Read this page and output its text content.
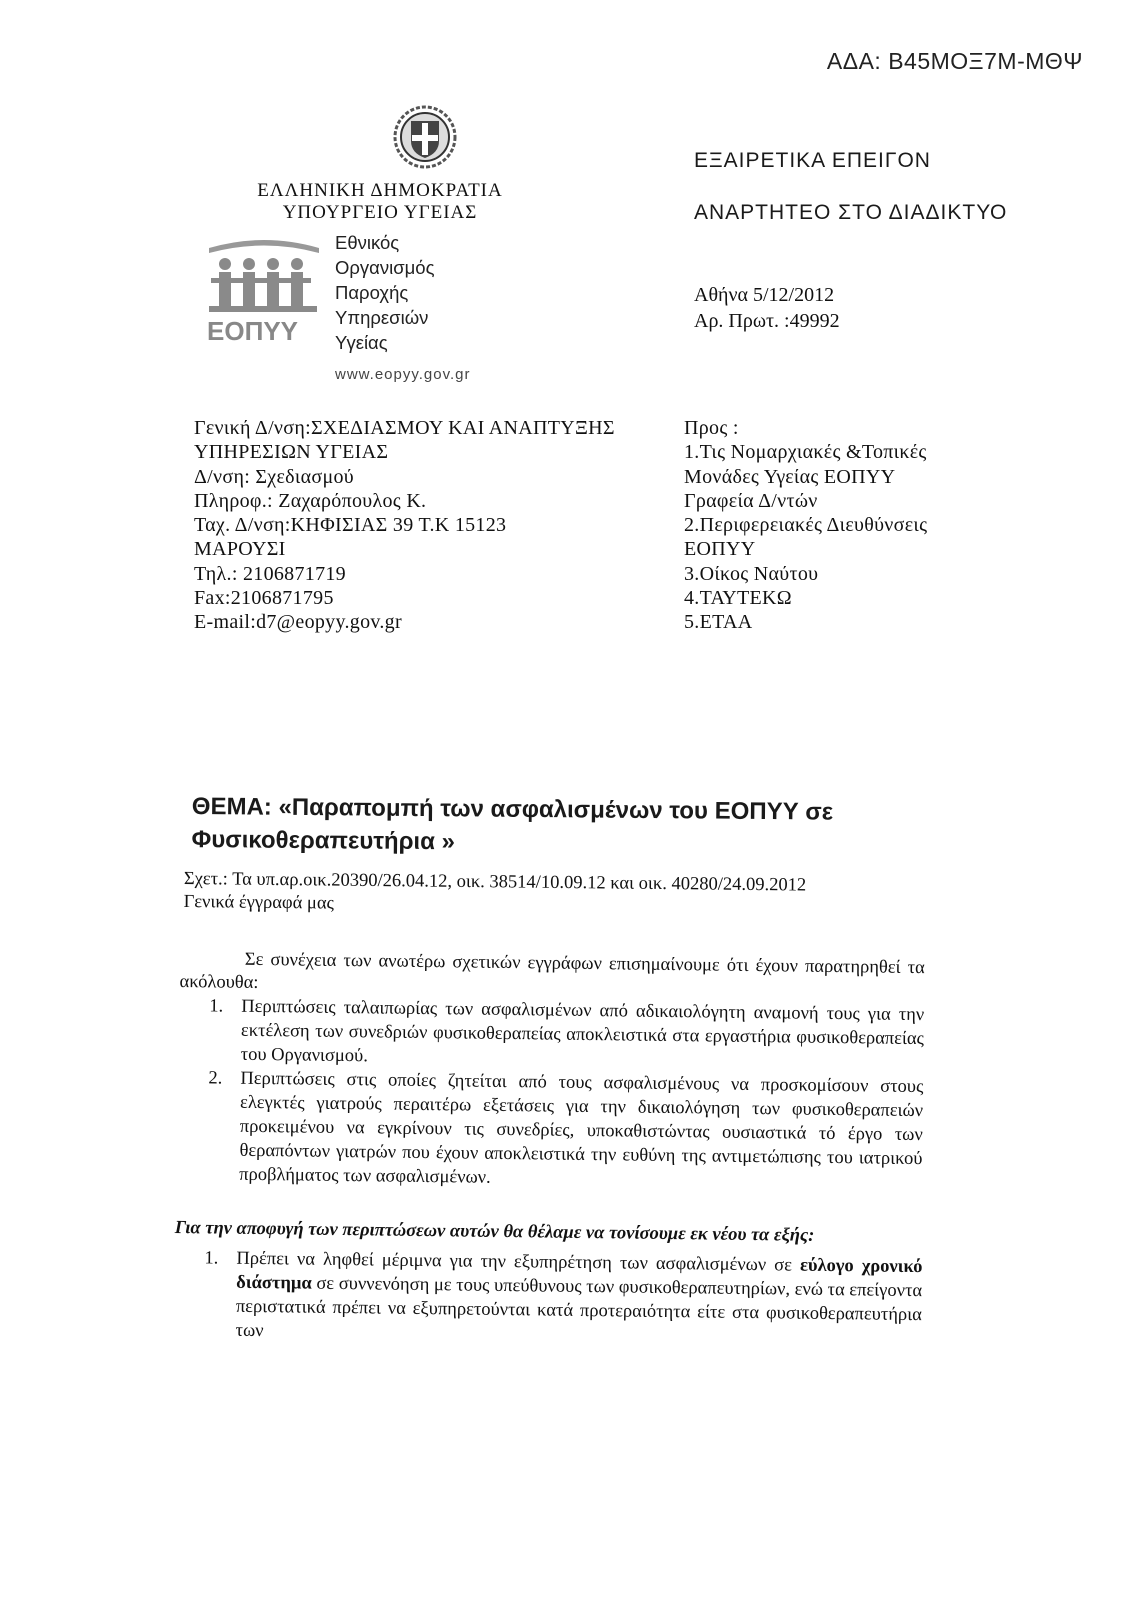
ΑΔΑ: Β45ΜΟΞ7Μ-ΜΘΨ
ΕΛΛΗΝΙΚΗ ΔΗΜΟΚΡΑΤΙΑ
ΥΠΟΥΡΓΕΙΟ ΥΓΕΙΑΣ
ΕΟΠΥΥ
Εθνικός
Οργανισμός
Παροχής
Υπηρεσιών
Υγείας
www.eopyy.gov.gr
ΕΞΑΙΡΕΤΙΚΑ ΕΠΕΙΓΟΝ
ΑΝΑΡΤΗΤΕΟ ΣΤΟ ΔΙΑΔΙΚΤΥΟ
Αθήνα 5/12/2012
Αρ. Πρωτ. :49992
Γενική Δ/νση:ΣΧΕΔΙΑΣΜΟΥ ΚΑΙ ΑΝΑΠΤΥΞΗΣ
ΥΠΗΡΕΣΙΩΝ ΥΓΕΙΑΣ
Δ/νση: Σχεδιασμού
Πληροφ.: Ζαχαρόπουλος Κ.
Ταχ. Δ/νση:ΚΗΦΙΣΙΑΣ 39 Τ.Κ 15123
ΜΑΡΟΥΣΙ
Τηλ.: 2106871719
Fax:2106871795
E-mail:d7@eopyy.gov.gr
Προς :
1.Τις Νομαρχιακές &Τοπικές
Μονάδες Υγείας ΕΟΠΥΥ
Γραφεία Δ/ντών
2.Περιφερειακές Διευθύνσεις
ΕΟΠΥΥ
3.Οίκος Ναύτου
4.ΤΑΥΤΕΚΩ
5.ΕΤΑΑ
ΘΕΜΑ: «Παραπομπή των ασφαλισμένων του ΕΟΠΥΥ σε Φυσικοθεραπευτήρια »
Σχετ.: Τα υπ.αρ.οικ.20390/26.04.12, οικ. 38514/10.09.12 και οικ. 40280/24.09.2012
Γενικά έγγραφά μας

Σε συνέχεια των ανωτέρω σχετικών εγγράφων επισημαίνουμε ότι έχουν παρατηρηθεί τα ακόλουθα:

1. Περιπτώσεις ταλαιπωρίας των ασφαλισμένων από αδικαιολόγητη αναμονή τους για την εκτέλεση των συνεδριών φυσικοθεραπείας αποκλειστικά στα εργαστήρια φυσικοθεραπείας του Οργανισμού.
2. Περιπτώσεις στις οποίες ζητείται από τους ασφαλισμένους να προσκομίσουν στους ελεγκτές γιατρούς περαιτέρω εξετάσεις για την δικαιολόγηση των φυσικοθεραπειών προκειμένου να εγκρίνουν τις συνεδρίες, υποκαθιστώντας ουσιαστικά τό έργο των θεραπόντων γιατρών που έχουν αποκλειστικά την ευθύνη της αντιμετώπισης του ιατρικού προβλήματος των ασφαλισμένων.

Για την αποφυγή των περιπτώσεων αυτών θα θέλαμε να τονίσουμε εκ νέου τα εξής:

1. Πρέπει να ληφθεί μέριμνα για την εξυπηρέτηση των ασφαλισμένων σε εύλογο χρονικό διάστημα σε συννενόηση με τους υπεύθυνους των φυσικοθεραπευτηρίων, ενώ τα επείγοντα περιστατικά πρέπει να εξυπηρετούνται κατά προτεραιότητα είτε στα φυσικοθεραπευτήρια των
